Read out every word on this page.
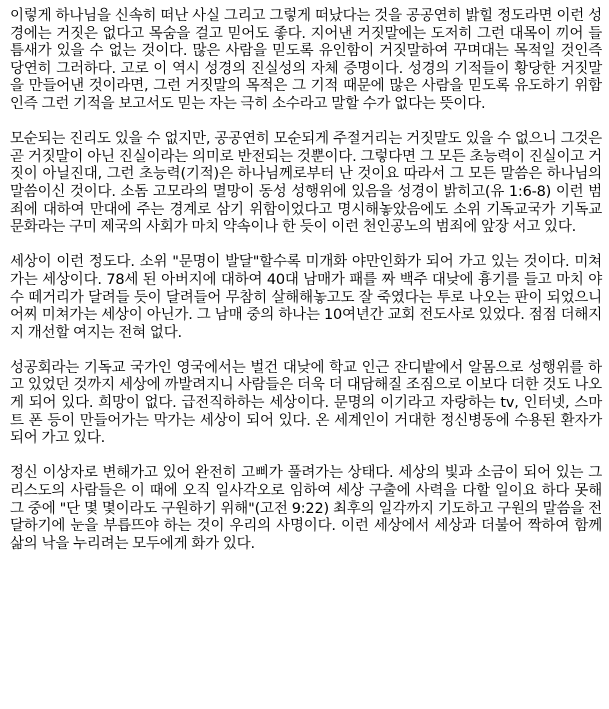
이렇게 하나님을 신속히 떠난 사실 그리고 그렇게 떠났다는 것을 공공연히 밝힐 정도라면 이런 성경에는 거짓은 없다고 목숨을 걸고 믿어도 좋다. 지어낸 거짓말에는 도저히 그런 대목이 끼어 들 틈새가 있을 수 없는 것이다. 많은 사람을 믿도록 유인함이 거짓말하여 꾸며대는 목적일 것인즉 당연히 그러하다. 고로 이 역시 성경의 진실성의 자체 증명이다. 성경의 기적들이 황당한 거짓말을 만들어낸 것이라면, 그런 거짓말의 목적은 그 기적 때문에 많은 사람을 믿도록 유도하기 위함인즉 그런 기적을 보고서도 믿는 자는 극히 소수라고 말할 수가 없다는 뜻이다.

모순되는 진리도 있을 수 없지만, 공공연히 모순되게 주절거리는 거짓말도 있을 수 없으니 그것은 곧 거짓말이 아닌 진실이라는 의미로 반전되는 것뿐이다. 그렇다면 그 모든 초능력이 진실이고 거짓이 아닐진대, 그런 초능력(기적)은 하나님께로부터 난 것이요 따라서 그 모든 말씀은 하나님의 말씀이신 것이다. 소돔 고모라의 멸망이 동성 성행위에 있음을 성경이 밝히고(유 1:6-8) 이런 범죄에 대하여 만대에 주는 경계로 삼기 위함이었다고 명시해놓았음에도 소위 기독교국가 기독교 문화라는 구미 제국의 사회가 마치 약속이나 한 듯이 이런 천인공노의 범죄에 앞장 서고 있다.

세상이 이런 정도다. 소위 "문명이 발달"할수록 미개화 야만인화가 되어 가고 있는 것이다. 미쳐가는 세상이다. 78세 된 아버지에 대하여 40대 남매가 패를 짜 백주 대낮에 흉기를 들고 마치 야수 떼거리가 달려들 듯이 달려들어 무참히 살해해놓고도 잘 죽였다는 투로 나오는 판이 되었으니 어찌 미쳐가는 세상이 아닌가. 그 남매 중의 하나는 10여년간 교회 전도사로 있었다. 점점 더해지지 개선할 여지는 전혀 없다.

성공회라는 기독교 국가인 영국에서는 벌건 대낮에 학교 인근 잔디밭에서 알몸으로 성행위를 하고 있었던 것까지 세상에 까발려지니 사람들은 더욱 더 대담해질 조짐으로 이보다 더한 것도 나오게 되어 있다. 희망이 없다. 급전직하하는 세상이다. 문명의 이기라고 자랑하는 tv, 인터넷, 스마트 폰 등이 만들어가는 막가는 세상이 되어 있다. 온 세계인이 거대한 정신병동에 수용된 환자가 되어 가고 있다.

정신 이상자로 변해가고 있어 완전히 고삐가 풀려가는 상태다. 세상의 빛과 소금이 되어 있는 그리스도의 사람들은 이 때에 오직 일사각오로 임하여 세상 구출에 사력을 다할 일이요 하다 못해 그 중에 "단 몇 몇이라도 구원하기 위해"(고전 9:22) 최후의 일각까지 기도하고 구원의 말씀을 전달하기에 눈을 부릅뜨야 하는 것이 우리의 사명이다. 이런 세상에서 세상과 더불어 짝하여 함께 삶의 낙을 누리려는 모두에게 화가 있다.
